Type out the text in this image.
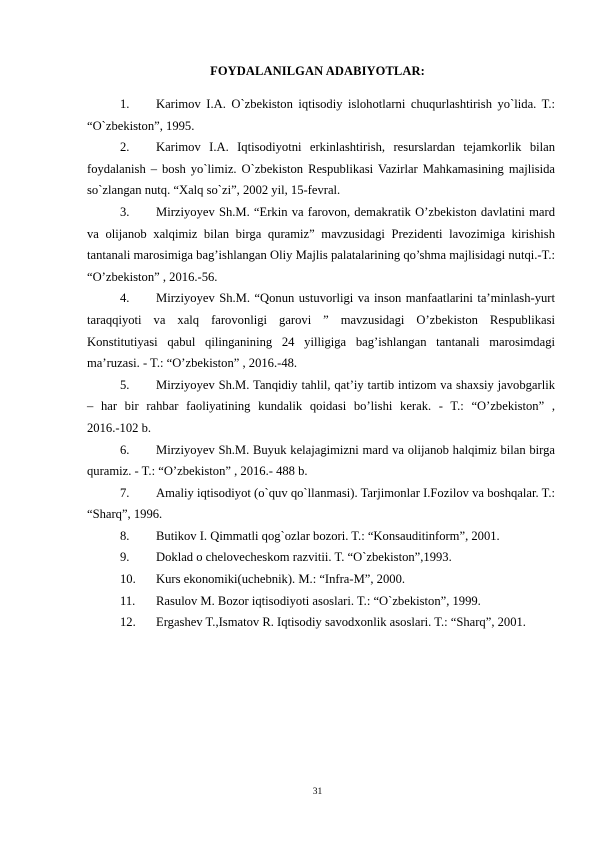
FOYDALANILGAN ADABIYOTLAR:

1. Karimov I.A. O`zbekiston iqtisodiy islohotlarni chuqurlashtirish yo`lida. T.: “O`zbekiston”, 1995.

2. Karimov I.A. Iqtisodiyotni erkinlashtirish, resurslardan tejamkorlik bilan foydalanish – bosh yo`limiz. O`zbekiston Respublikasi Vazirlar Mahkamasining majlisida so`zlangan nutq. “Xalq so`zi”, 2002 yil, 15-fevral.

3. Mirziyoyev Sh.M. “Erkin va farovon, demakratik O’zbekiston davlatini mard va olijanob xalqimiz bilan birga quramiz” mavzusidagi Prezidenti lavozimiga kirishish tantanali marosimiga bag’ishlangan Oliy Majlis palatalarining qo’shma majlisidagi nutqi.-T.: “O’zbekiston” , 2016.-56.

4. Mirziyoyev Sh.M. “Qonun ustuvorligi va inson manfaatlarini ta’minlash-yurt taraqqiyoti va xalq farovonligi garovi ” mavzusidagi O’zbekiston Respublikasi Konstitutiyasi qabul qilinganining 24 yilligiga bag’ishlangan tantanali marosimdagi ma’ruzasi. - T.: “O’zbekiston” , 2016.-48.

5. Mirziyoyev Sh.M. Tanqidiy tahlil, qat’iy tartib intizom va shaxsiy javobgarlik – har bir rahbar faoliyatining kundalik qoidasi bo’lishi kerak. - T.: “O’zbekiston” , 2016.-102 b.

6. Mirziyoyev Sh.M. Buyuk kelajagimizni mard va olijanob halqimiz bilan birga quramiz. - T.: “O’zbekiston” , 2016.- 488 b.

7. Amaliy iqtisodiyot (o`quv qo`llanmasi). Tarjimonlar I.Fozilov va boshqalar. T.: “Sharq”, 1996.

8. Butikov I. Qimmatli qog`ozlar bozori. T.: “Konsauditinform”, 2001.

9. Doklad o chelovecheskom razvitii. T. “O`zbekiston”,1993.

10. Kurs ekonomiki(uchebnik). M.: “Infra-M”, 2000.

11. Rasulov M. Bozor iqtisodiyoti asoslari. T.: “O`zbekiston”, 1999.

12. Ergashev T.,Ismatov R. Iqtisodiy savodxonlik asoslari. T.: “Sharq”, 2001.

31
